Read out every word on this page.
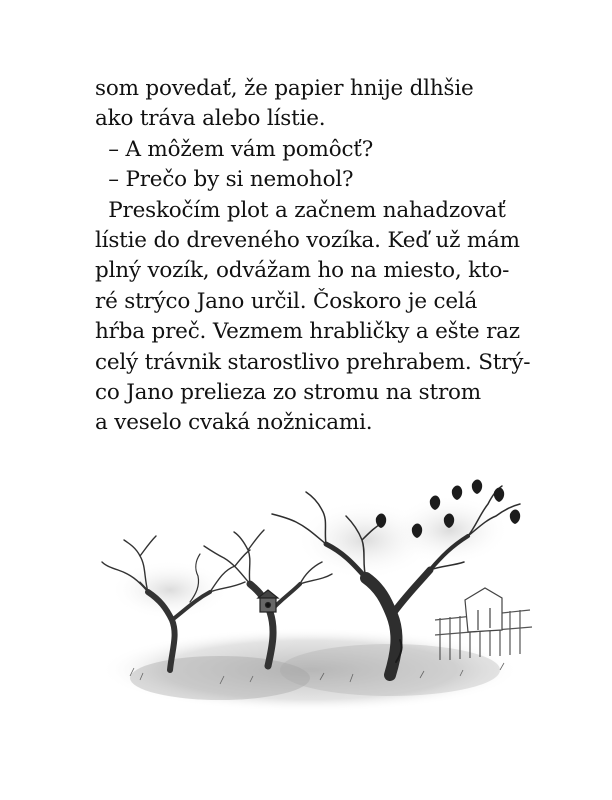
som povedať, že papier hnije dlhšie
ako tráva alebo lístie.
– A môžem vám pomôcť?
– Prečo by si nemohol?
Preskočím plot a začnem nahadzovať
lístie do dreveného vozíka. Keď už mám
plný vozík, odvážam ho na miesto, kto-
ré strýco Jano určil. Čoskoro je celá
hŕba preč. Vezmem hrabličky a ešte raz
celý trávnik starostlivo prehrabem. Strý-
co Jano prelieza zo stromu na strom
a veselo cvaká nožnicami.
